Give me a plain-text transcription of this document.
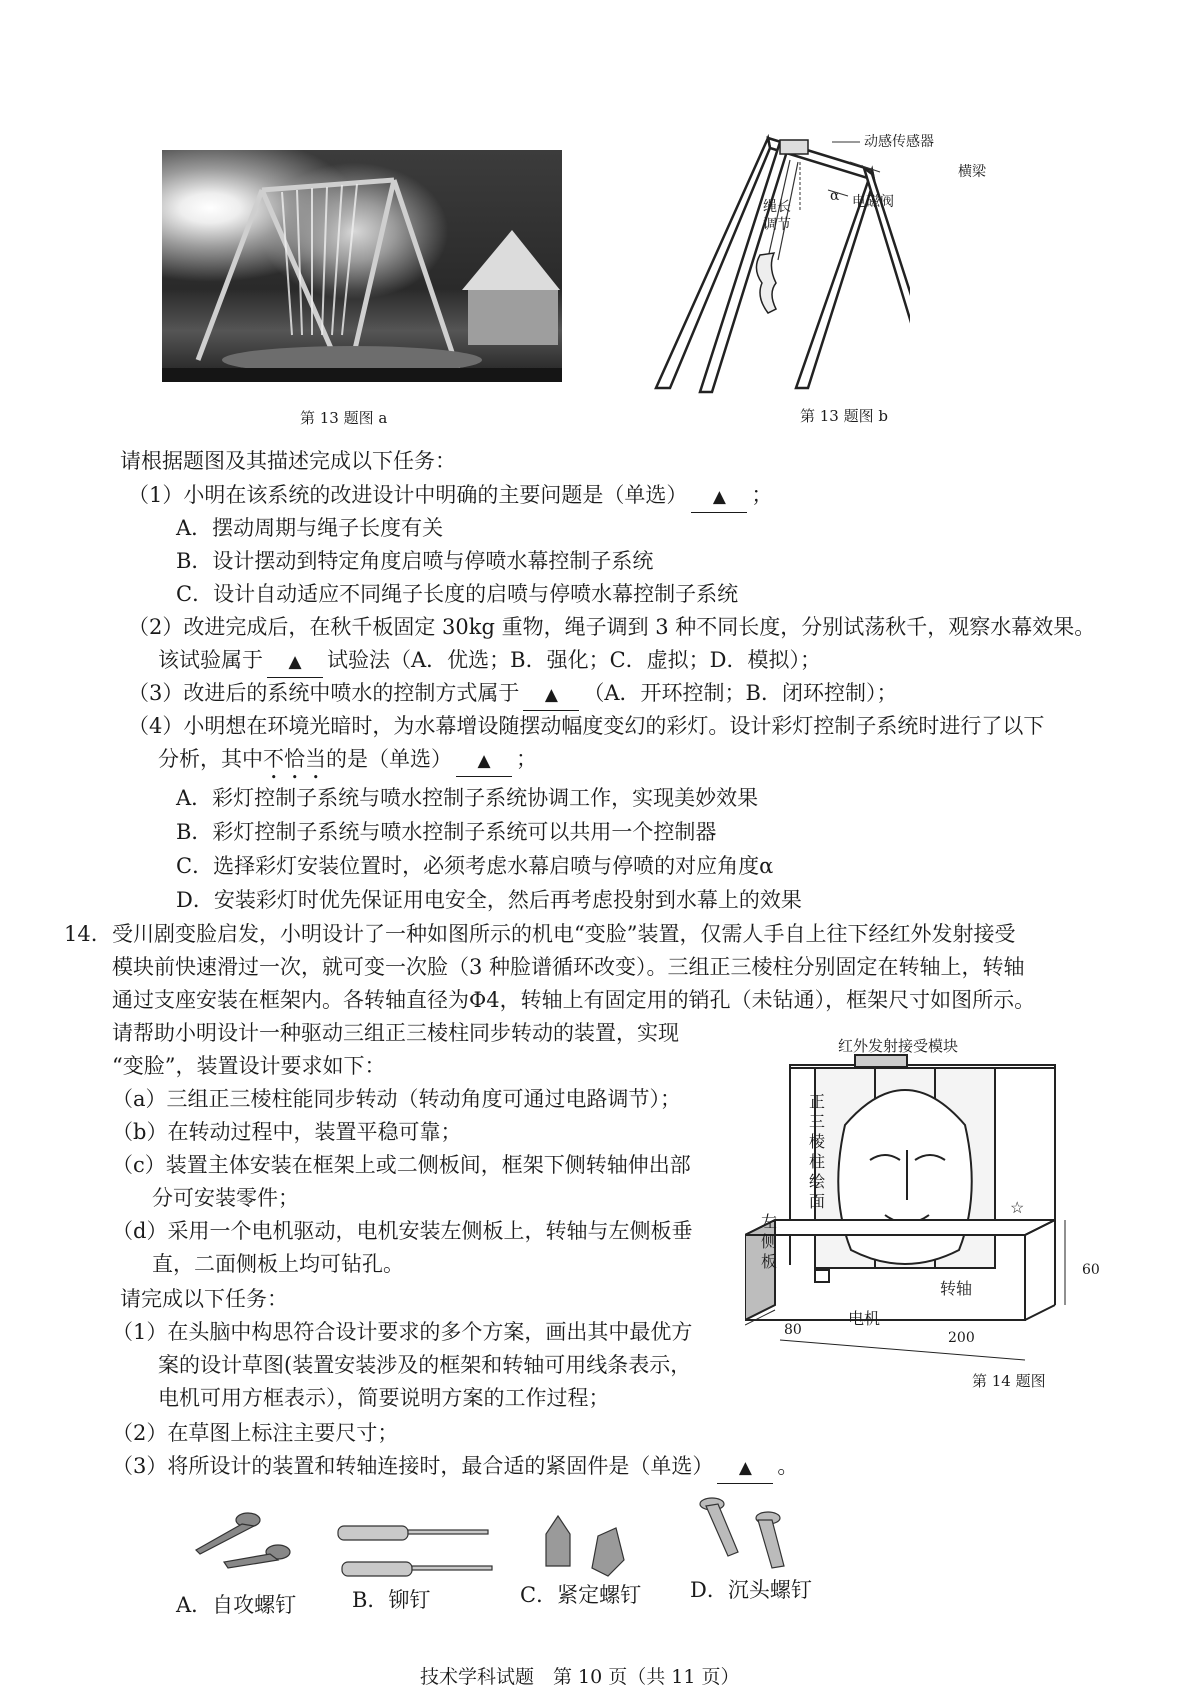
第 13 题图 a
动感传感器
横梁
电磁阀
α
绳长调节
第 13 题图 b
请根据题图及其描述完成以下任务：
（1）小明在该系统的改进设计中明确的主要问题是（单选） ▲ ；
A．摆动周期与绳子长度有关
B．设计摆动到特定角度启喷与停喷水幕控制子系统
C．设计自动适应不同绳子长度的启喷与停喷水幕控制子系统
（2）改进完成后，在秋千板固定 30kg 重物，绳子调到 3 种不同长度，分别试荡秋千，观察水幕效果。
该试验属于 ▲ 试验法（A．优选；B．强化；C．虚拟；D．模拟）；
（3）改进后的系统中喷水的控制方式属于 ▲ （A．开环控制；B．闭环控制）；
（4）小明想在环境光暗时，为水幕增设随摆动幅度变幻的彩灯。设计彩灯控制子系统时进行了以下
分析，其中不恰当的是（单选） ▲ ；
A．彩灯控制子系统与喷水控制子系统协调工作，实现美妙效果
B．彩灯控制子系统与喷水控制子系统可以共用一个控制器
C．选择彩灯安装位置时，必须考虑水幕启喷与停喷的对应角度α
D．安装彩灯时优先保证用电安全，然后再考虑投射到水幕上的效果
14. 受川剧变脸启发，小明设计了一种如图所示的机电“变脸”装置，仅需人手自上往下经红外发射接受
模块前快速滑过一次，就可变一次脸（3 种脸谱循环改变）。三组正三棱柱分别固定在转轴上，转轴
通过支座安装在框架内。各转轴直径为Φ4，转轴上有固定用的销孔（未钻通），框架尺寸如图所示。
请帮助小明设计一种驱动三组正三棱柱同步转动的装置，实现
“变脸”，装置设计要求如下：
（a）三组正三棱柱能同步转动（转动角度可通过电路调节）；
（b）在转动过程中，装置平稳可靠；
（c）装置主体安装在框架上或二侧板间，框架下侧转轴伸出部
分可安装零件；
（d）采用一个电机驱动，电机安装左侧板上，转轴与左侧板垂
直，二面侧板上均可钻孔。
请完成以下任务：
（1）在头脑中构思符合设计要求的多个方案，画出其中最优方
案的设计草图(装置安装涉及的框架和转轴可用线条表示，
电机可用方框表示），简要说明方案的工作过程；
（2）在草图上标注主要尺寸；
（3）将所设计的装置和转轴连接时，最合适的紧固件是（单选） ▲ 。
红外发射接受模块
正三棱柱绘面
左侧板
转轴
电机
60
80	200
☆
第 14 题图
A．自攻螺钉	B．铆钉	C．紧定螺钉 D．沉头螺钉
技术学科试题　第 10 页（共 11 页）
